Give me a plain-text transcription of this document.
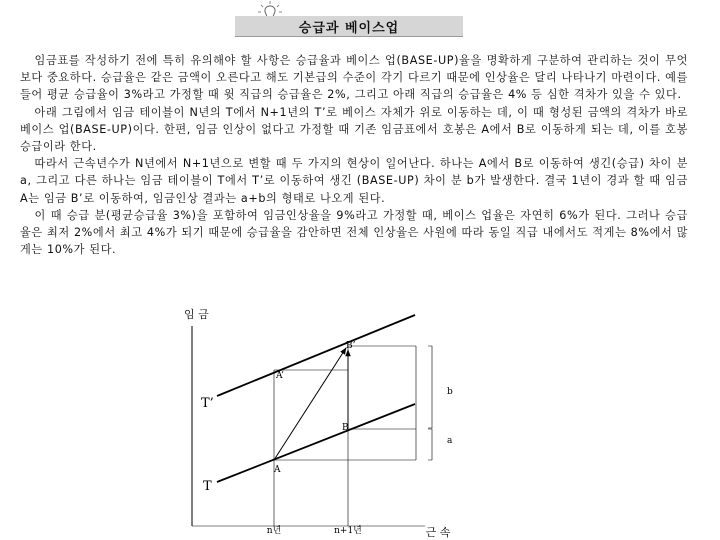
승급과 베이스업

임금표를 작성하기 전에 특히 유의해야 할 사항은 승급율과 베이스 업(BASE-UP)율을 명확하게 구분하여 관리하는 것이 무엇보다 중요하다. 승급율은 같은 금액이 오른다고 해도 기본급의 수준이 각기 다르기 때문에 인상율은 달리 나타나기 마련이다. 예를 들어 평균 승급율이 3%라고 가정할 때 윗 직급의 승급율은 2%, 그리고 아래 직급의 승급율은 4% 등 심한 격차가 있을 수 있다.

아래 그림에서 임금 테이블이 N년의 T에서 N+1년의 T’로 베이스 자체가 위로 이동하는 데, 이 때 형성된 금액의 격차가 바로 베이스 업(BASE-UP)이다. 한편, 임금 인상이 없다고 가정할 때 기존 임금표에서 호봉은 A에서 B로 이동하게 되는 데, 이를 호봉승급이라 한다.

따라서 근속년수가 N년에서 N+1년으로 변할 때 두 가지의 현상이 일어난다. 하나는 A에서 B로 이동하여 생긴(승급) 차이 분 a, 그리고 다른 하나는 임금 테이블이 T에서 T’로 이동하여 생긴 (BASE-UP) 차이 분 b가 발생한다. 결국 1년이 경과 할 때 임금 A는 임금 B’로 이동하여, 임금인상 결과는 a+b의 형태로 나오게 된다.

이 때 승급 분(평균승급율 3%)을 포함하여 임금인상율을 9%라고 가정할 때, 베이스 업율은 자연히 6%가 된다. 그러나 승급율은 최저 2%에서 최고 4%가 되기 때문에 승급율을 감안하면 전체 인상율은 사원에 따라 동일 직급 내에서도 적게는 8%에서 많게는 10%가 된다.

임 금
T
T’
A
A’
B
B’
b
a
n년	n+1년	근 속
